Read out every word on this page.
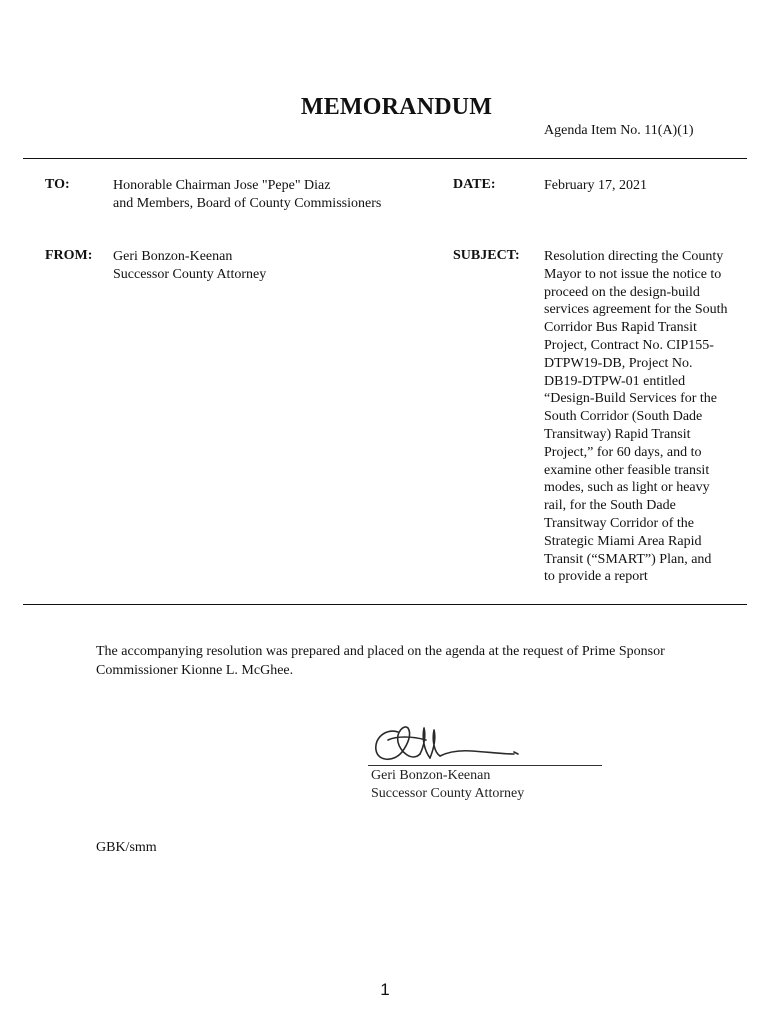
MEMORANDUM
Agenda Item No. 11(A)(1)
TO:	Honorable Chairman Jose "Pepe" Diaz
and Members, Board of County Commissioners
DATE:	February 17, 2021
FROM: Geri Bonzon-Keenan
Successor County Attorney
SUBJECT: Resolution directing the County
Mayor to not issue the notice to
proceed on the design-build
services agreement for the South
Corridor Bus Rapid Transit
Project, Contract No. CIP155-
DTPW19-DB, Project No.
DB19-DTPW-01 entitled
“Design-Build Services for the
South Corridor (South Dade
Transitway) Rapid Transit
Project,” for 60 days, and to
examine other feasible transit
modes, such as light or heavy
rail, for the South Dade
Transitway Corridor of the
Strategic Miami Area Rapid
Transit (“SMART”) Plan, and
to provide a report
The accompanying resolution was prepared and placed on the agenda at the request of Prime Sponsor
Commissioner Kionne L. McGhee.
Geri Bonzon-Keenan
Successor County Attorney
GBK/smm
1
